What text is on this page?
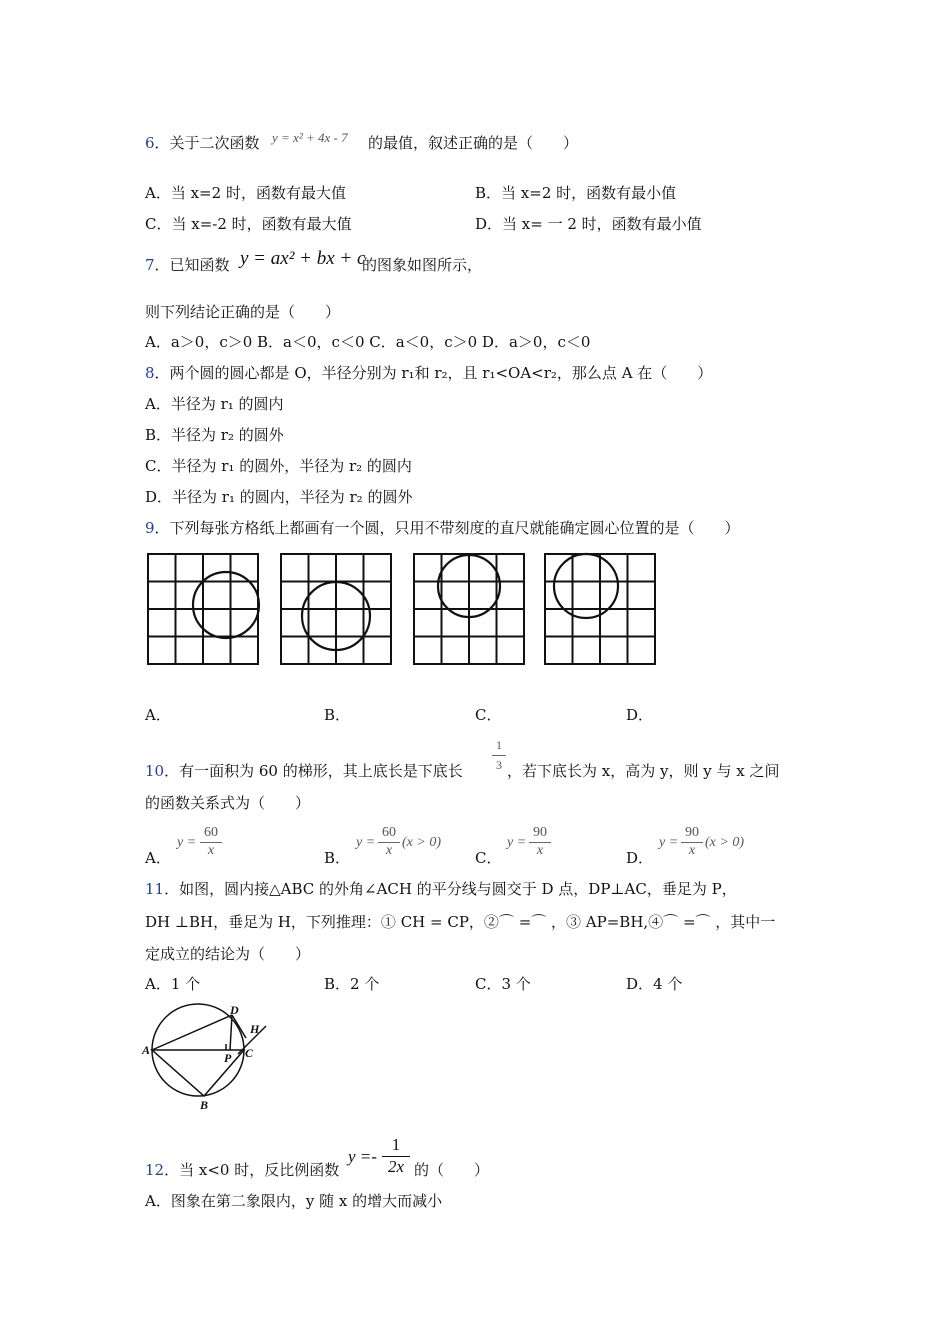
6．关于二次函数 y = x² + 4x - 7 的最值，叙述正确的是（　　）
A．当 x=2 时，函数有最大值	B．当 x=2 时，函数有最小值
C．当 x=-2 时，函数有最大值	D．当 x= 一 2 时，函数有最小值
7．已知函数 y = ax² + bx + c
的图象如图所示，
则下列结论正确的是（　　）
A．a＞0，c＞0 B．a＜0，c＜0 C．a＜0，c＞0 D．a＞0，c＜0
8．两个圆的圆心都是 O，半径分别为 r₁和 r₂，且 r₁<OA<r₂，那么点 A 在（　　）
A．半径为 r₁ 的圆内
B．半径为 r₂ 的圆外
C．半径为 r₁ 的圆外，半径为 r₂ 的圆内
D．半径为 r₁ 的圆内，半径为 r₂ 的圆外
9．下列每张方格纸上都画有一个圆，只用不带刻度的直尺就能确定圆心位置的是（　　）
A．	B．	C．	D．
10．有一面积为 60 的梯形，其上底长是下底长 $\frac{1}{3}$ ，若下底长为 x，高为 y，则 y 与 x 之间
的函数关系式为（　　）
A．	B．	C．	D．
$y = \frac{60}{x}$	$y = \frac{60}{x} (x > 0)$	$y = \frac{90}{x}$	$y = \frac{90}{x} (x > 0)$
11．如图，圆内接△ABC 的外角∠ACH 的平分线与圆交于 D 点，DP⊥AC，垂足为 P，
DH ⊥BH，垂足为 H，下列推理：① CH = CP，②⌒ =⌒ ，③ AP=BH,④⌒ =⌒ ，其中一
定成立的结论为（　　）
A．1 个	B．2 个	C．3 个	D．4 个
D
H
A
P C
B
12．当 x<0 时，反比例函数
$y =- \frac{1}{2x}$ 的（　　）
A．图象在第二象限内，y 随 x 的增大而减小
